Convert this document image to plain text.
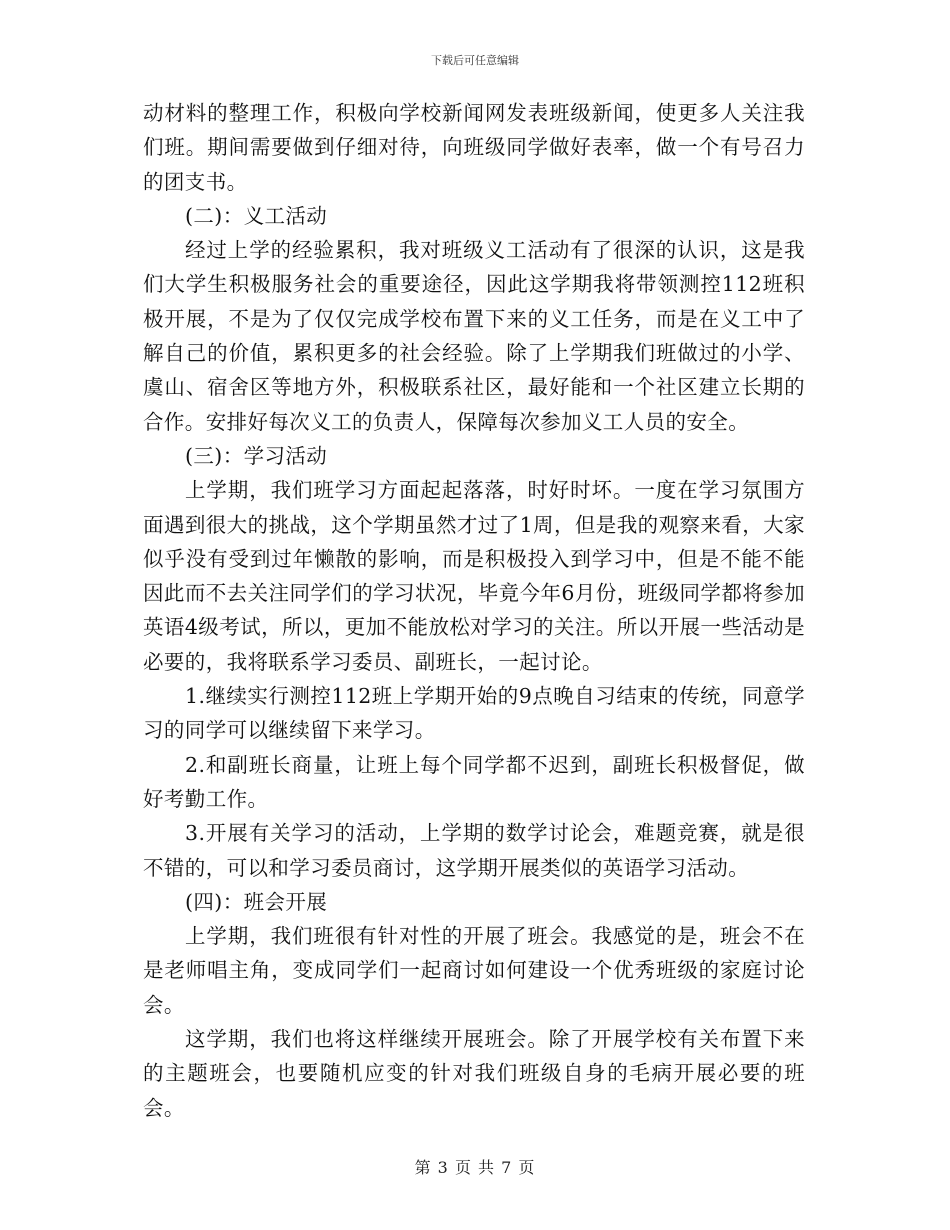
下载后可任意编辑

动材料的整理工作，积极向学校新闻网发表班级新闻，使更多人关注我们班。期间需要做到仔细对待，向班级同学做好表率，做一个有号召力的团支书。

(二)：义工活动

经过上学的经验累积，我对班级义工活动有了很深的认识，这是我们大学生积极服务社会的重要途径，因此这学期我将带领测控112班积极开展，不是为了仅仅完成学校布置下来的义工任务，而是在义工中了解自己的价值，累积更多的社会经验。除了上学期我们班做过的小学、虞山、宿舍区等地方外，积极联系社区，最好能和一个社区建立长期的合作。安排好每次义工的负责人，保障每次参加义工人员的安全。

(三)：学习活动

上学期，我们班学习方面起起落落，时好时坏。一度在学习氛围方面遇到很大的挑战，这个学期虽然才过了1周，但是我的观察来看，大家似乎没有受到过年懒散的影响，而是积极投入到学习中，但是不能不能因此而不去关注同学们的学习状况，毕竟今年6月份，班级同学都将参加英语4级考试，所以，更加不能放松对学习的关注。所以开展一些活动是必要的，我将联系学习委员、副班长，一起讨论。

1.继续实行测控112班上学期开始的9点晚自习结束的传统，同意学习的同学可以继续留下来学习。

2.和副班长商量，让班上每个同学都不迟到，副班长积极督促，做好考勤工作。

3.开展有关学习的活动，上学期的数学讨论会，难题竞赛，就是很不错的，可以和学习委员商讨，这学期开展类似的英语学习活动。

(四)：班会开展

上学期，我们班很有针对性的开展了班会。我感觉的是，班会不在是老师唱主角，变成同学们一起商讨如何建设一个优秀班级的家庭讨论会。

这学期，我们也将这样继续开展班会。除了开展学校有关布置下来的主题班会，也要随机应变的针对我们班级自身的毛病开展必要的班会。

第 3 页 共 7 页
